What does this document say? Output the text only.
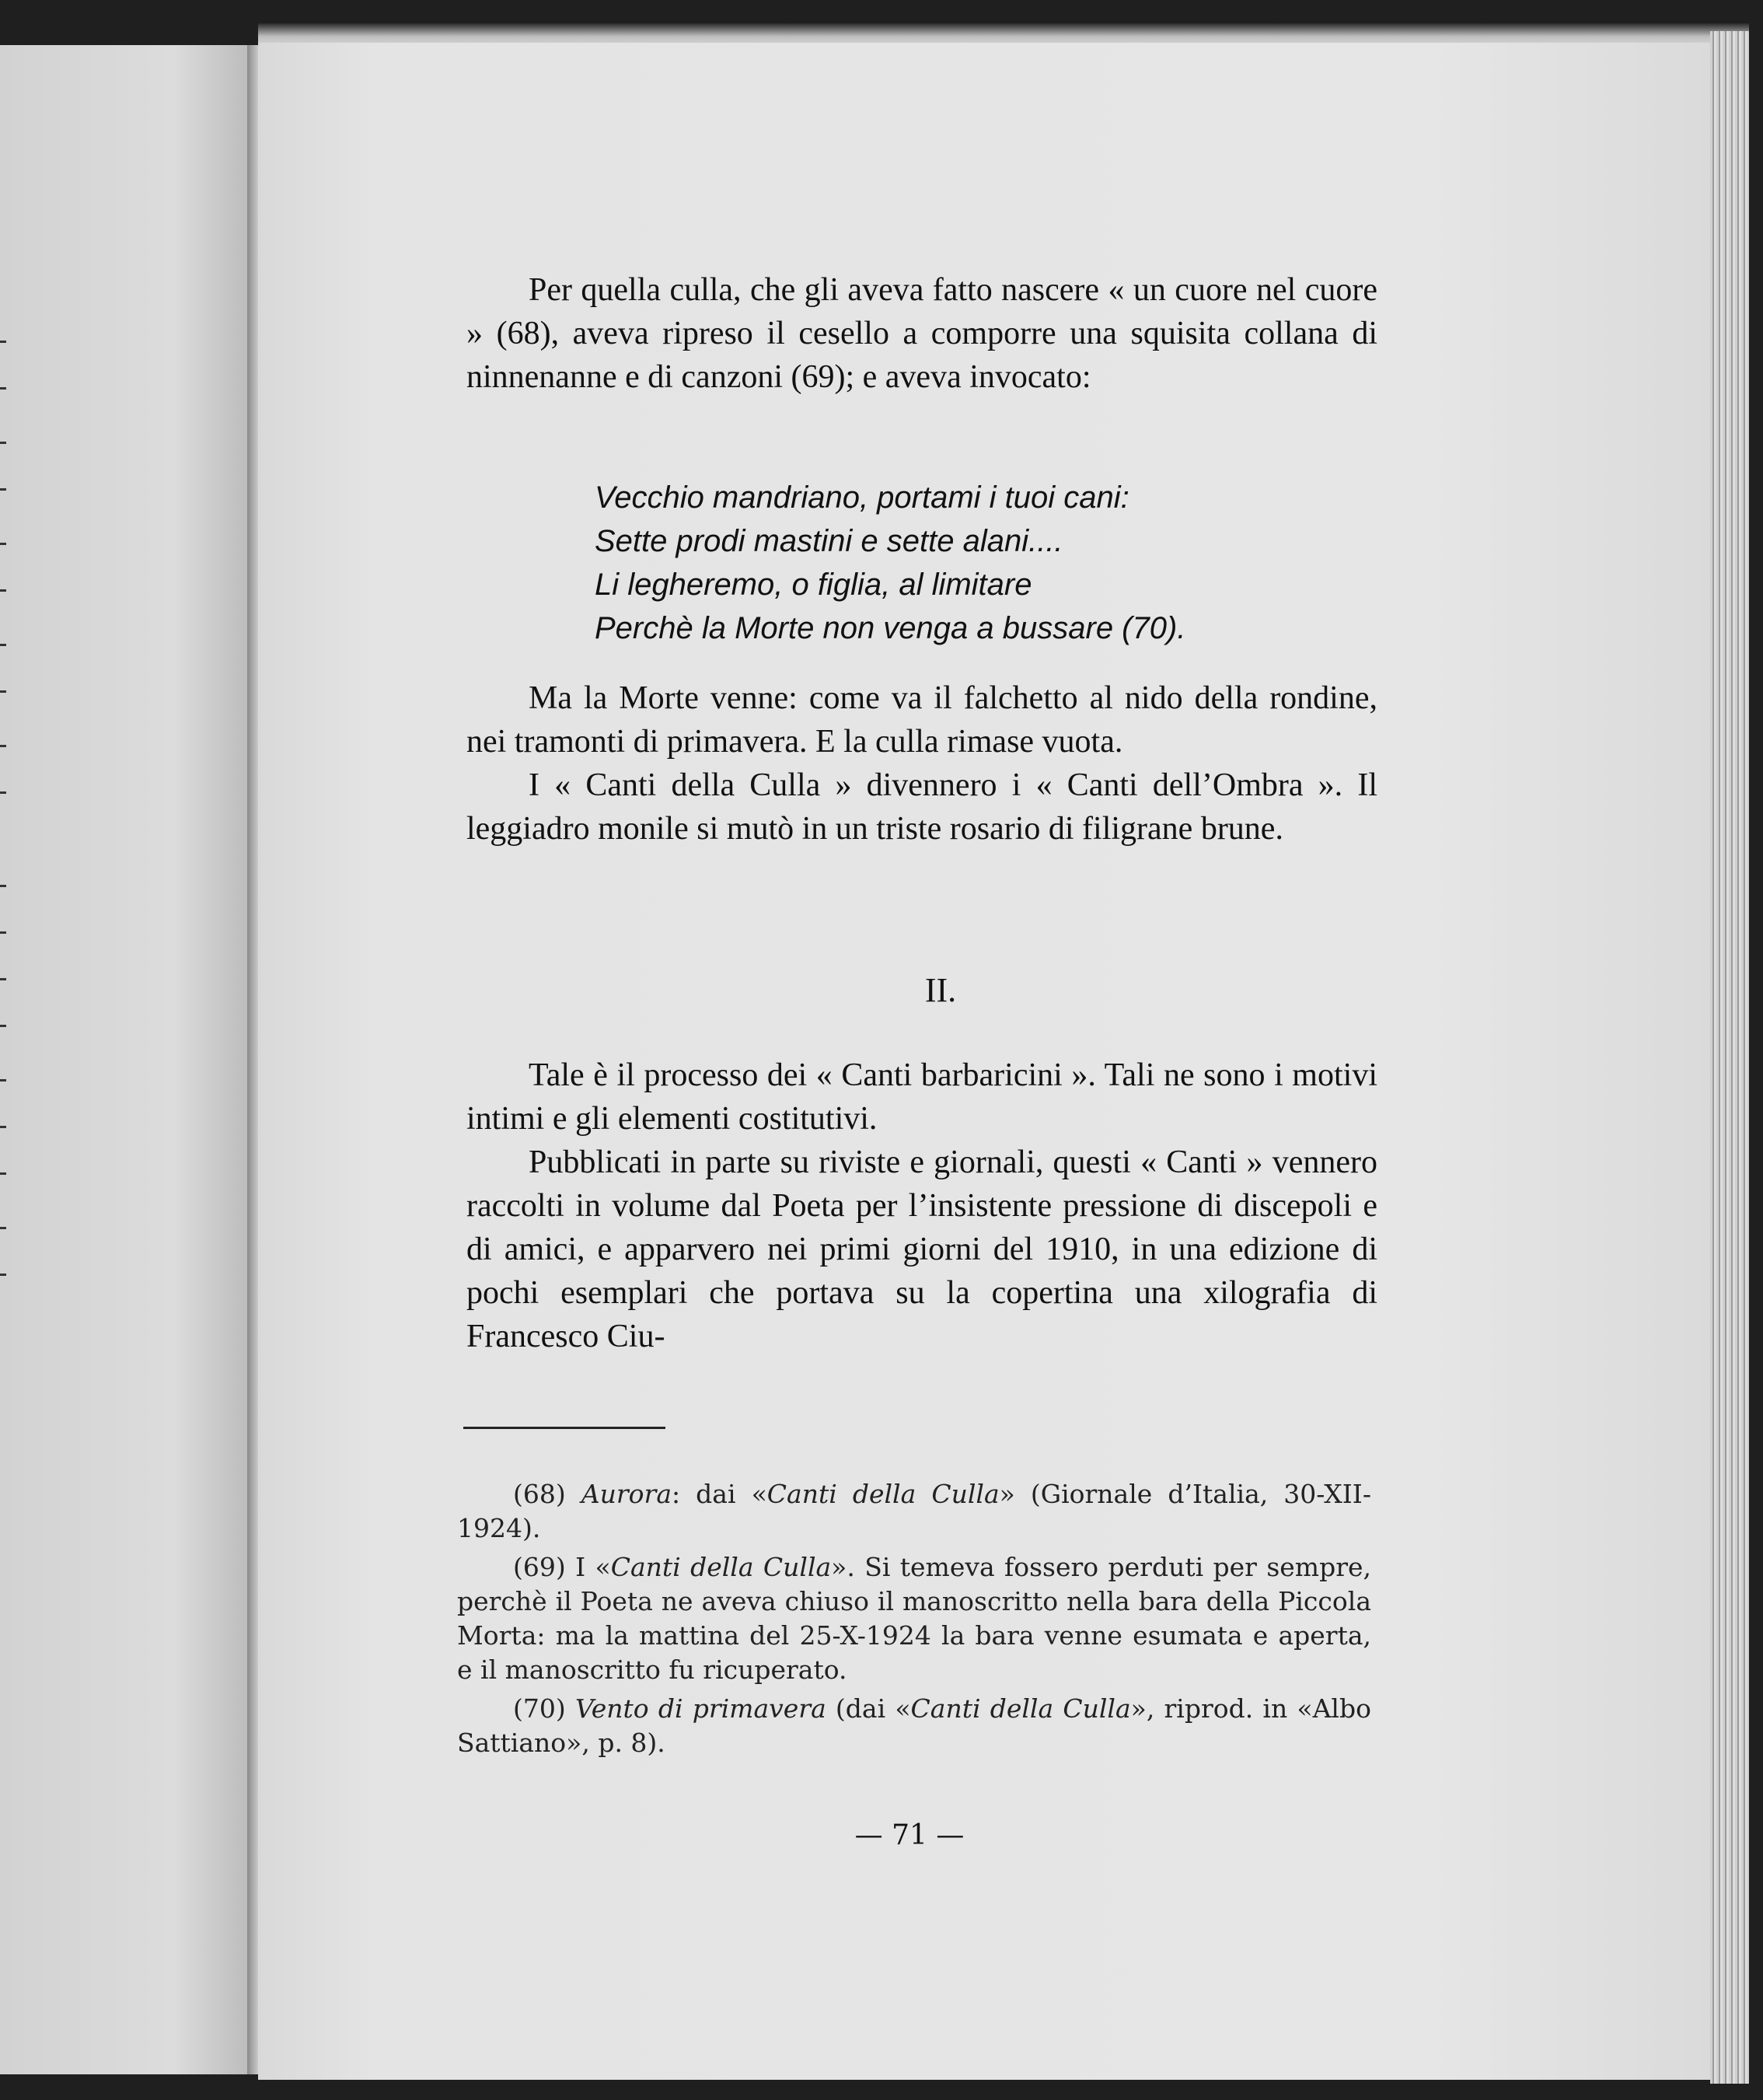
Per quella culla, che gli aveva fatto nascere « un cuore nel cuore » (68), aveva ripreso il cesello a comporre una squisita collana di ninnenanne e di canzoni (69); e aveva invocato:

Vecchio mandriano, portami i tuoi cani:
Sette prodi mastini e sette alani....
Li legheremo, o figlia, al limitare
Perchè la Morte non venga a bussare (70).

Ma la Morte venne: come va il falchetto al nido della rondine, nei tramonti di primavera. E la culla rimase vuota.

I « Canti della Culla » divennero i « Canti dell’Ombra ». Il leggiadro monile si mutò in un triste rosario di filigrane brune.

II.

Tale è il processo dei « Canti barbaricini ». Tali ne sono i motivi intimi e gli elementi costitutivi.

Pubblicati in parte su riviste e giornali, questi « Canti » vennero raccolti in volume dal Poeta per l’insistente pressione di discepoli e di amici, e apparvero nei primi giorni del 1910, in una edizione di pochi esemplari che portava su la copertina una xilografia di Francesco Ciu-

(68) Aurora: dai «Canti della Culla» (Giornale d’Italia, 30-XII-1924).

(69) I «Canti della Culla». Si temeva fossero perduti per sempre, perchè il Poeta ne aveva chiuso il manoscritto nella bara della Piccola Morta: ma la mattina del 25-X-1924 la bara venne esumata e aperta, e il manoscritto fu ricuperato.

(70) Vento di primavera (dai «Canti della Culla», riprod. in «Albo Sattiano», p. 8).

— 71 —
